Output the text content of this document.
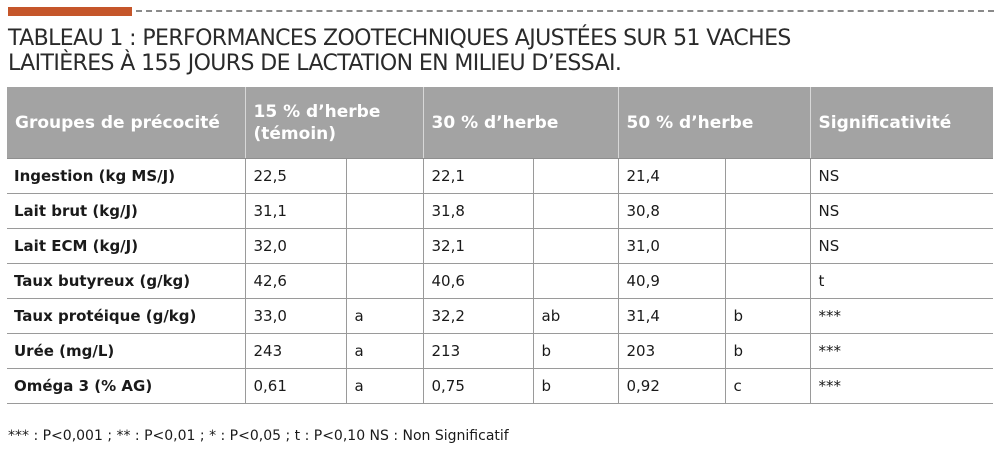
TABLEAU 1 : PERFORMANCES ZOOTECHNIQUES AJUSTÉES SUR 51 VACHES
LAITIÈRES À 155 JOURS DE LACTATION EN MILIEU D’ESSAI.
Groupes de précocité	15 % d’herbe (témoin)		30 % d’herbe		50 % d’herbe		Significativité
Ingestion (kg MS/J)	22,5		22,1		21,4		NS
Lait brut (kg/J)	31,1		31,8		30,8		NS
Lait ECM (kg/J)	32,0		32,1		31,0		NS
Taux butyreux (g/kg)	42,6		40,6		40,9		t
Taux protéique (g/kg)	33,0	a	32,2	ab	31,4	b	***
Urée (mg/L)	243	a	213	b	203	b	***
Oméga 3 (% AG)	0,61	a	0,75	b	0,92	c	***
*** : P<0,001 ; ** : P<0,01 ; * : P<0,05 ; t : P<0,10 NS : Non Significatif
